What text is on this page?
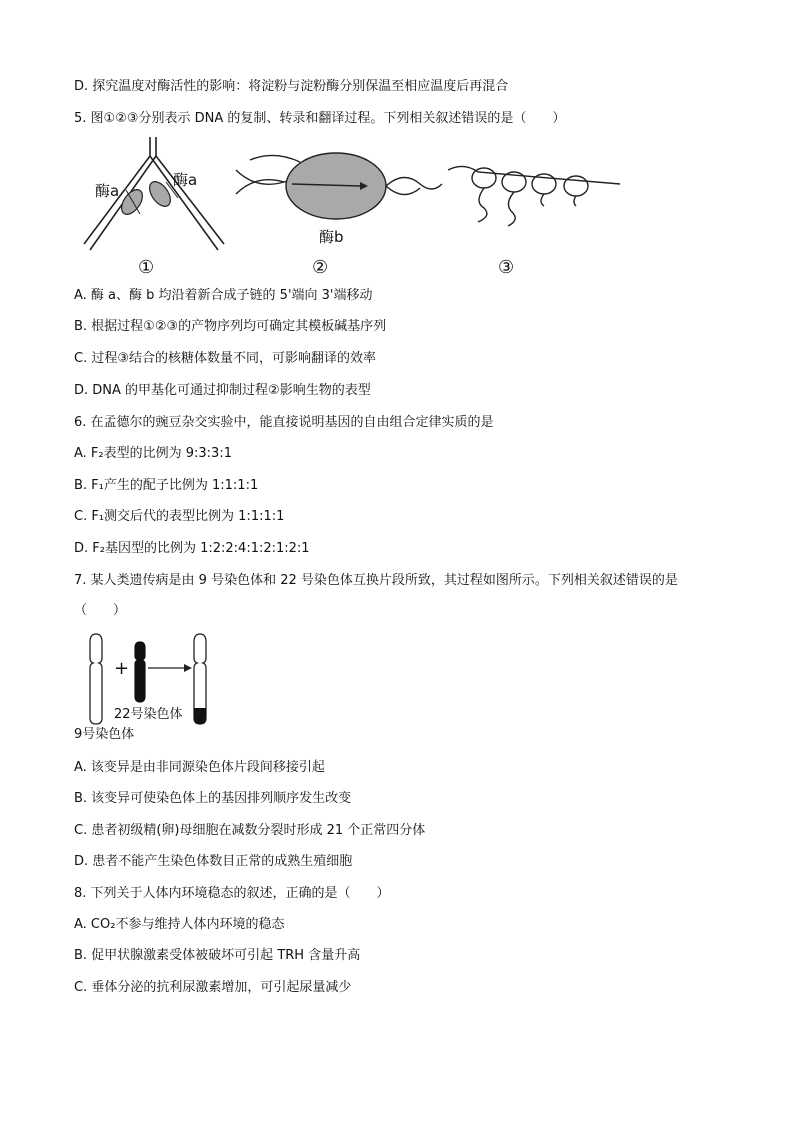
D. 探究温度对酶活性的影响：将淀粉与淀粉酶分别保温至相应温度后再混合
5. 图①②③分别表示 DNA 的复制、转录和翻译过程。下列相关叙述错误的是（　　）
酶a
酶a
①
酶b
②	③
A. 酶 a、酶 b 均沿着新合成子链的 5'端向 3'端移动
B. 根据过程①②③的产物序列均可确定其模板碱基序列
C. 过程③结合的核糖体数量不同，可影响翻译的效率
D. DNA 的甲基化可通过抑制过程②影响生物的表型
6. 在孟德尔的豌豆杂交实验中，能直接说明基因的自由组合定律实质的是
A. F₂表型的比例为 9:3:3:1
B. F₁产生的配子比例为 1:1:1:1
C. F₁测交后代的表型比例为 1:1:1:1
D. F₂基因型的比例为 1:2:2:4:1:2:1:2:1
7. 某人类遗传病是由 9 号染色体和 22 号染色体互换片段所致，其过程如图所示。下列相关叙述错误的是
（　　）
+
22号染色体
9号染色体
A. 该变异是由非同源染色体片段间移接引起
B. 该变异可使染色体上的基因排列顺序发生改变
C. 患者初级精(卵)母细胞在减数分裂时形成 21 个正常四分体
D. 患者不能产生染色体数目正常的成熟生殖细胞
8. 下列关于人体内环境稳态的叙述，正确的是（　　）
A. CO₂不参与维持人体内环境的稳态
B. 促甲状腺激素受体被破坏可引起 TRH 含量升高
C. 垂体分泌的抗利尿激素增加，可引起尿量减少
